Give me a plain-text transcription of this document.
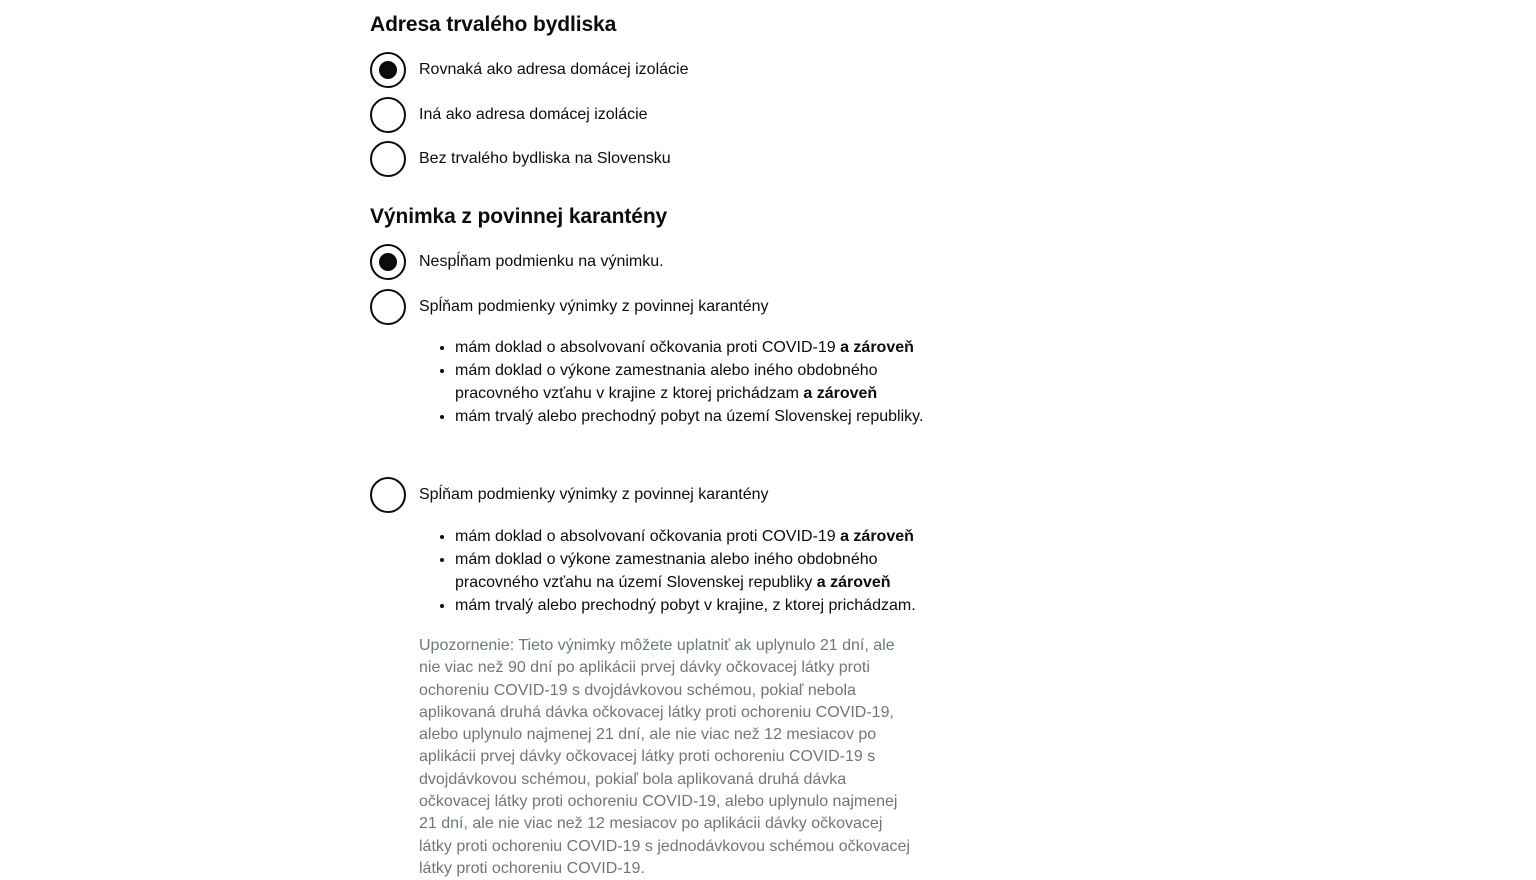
Adresa trvalého bydliska
Rovnaká ako adresa domácej izolácie
Iná ako adresa domácej izolácie
Bez trvalého bydliska na Slovensku
Výnimka z povinnej karantény
Nespĺňam podmienku na výnimku.
Spĺňam podmienky výnimky z povinnej karantény
• mám doklad o absolvovaní očkovania proti COVID-19 a zároveň
• mám doklad o výkone zamestnania alebo iného obdobného pracovného vzťahu v krajine z ktorej prichádzam a zároveň
• mám trvalý alebo prechodný pobyt na území Slovenskej republiky.
Spĺňam podmienky výnimky z povinnej karantény
• mám doklad o absolvovaní očkovania proti COVID-19 a zároveň
• mám doklad o výkone zamestnania alebo iného obdobného pracovného vzťahu na území Slovenskej republiky a zároveň
• mám trvalý alebo prechodný pobyt v krajine, z ktorej prichádzam.
Upozornenie: Tieto výnimky môžete uplatniť ak uplynulo 21 dní, ale nie viac než 90 dní po aplikácii prvej dávky očkovacej látky proti ochoreniu COVID-19 s dvojdávkovou schémou, pokiaľ nebola aplikovaná druhá dávka očkovacej látky proti ochoreniu COVID-19, alebo uplynulo najmenej 21 dní, ale nie viac než 12 mesiacov po aplikácii prvej dávky očkovacej látky proti ochoreniu COVID-19 s dvojdávkovou schémou, pokiaľ bola aplikovaná druhá dávka očkovacej látky proti ochoreniu COVID-19, alebo uplynulo najmenej 21 dní, ale nie viac než 12 mesiacov po aplikácii dávky očkovacej látky proti ochoreniu COVID-19 s jednodávkovou schémou očkovacej látky proti ochoreniu COVID-19.
